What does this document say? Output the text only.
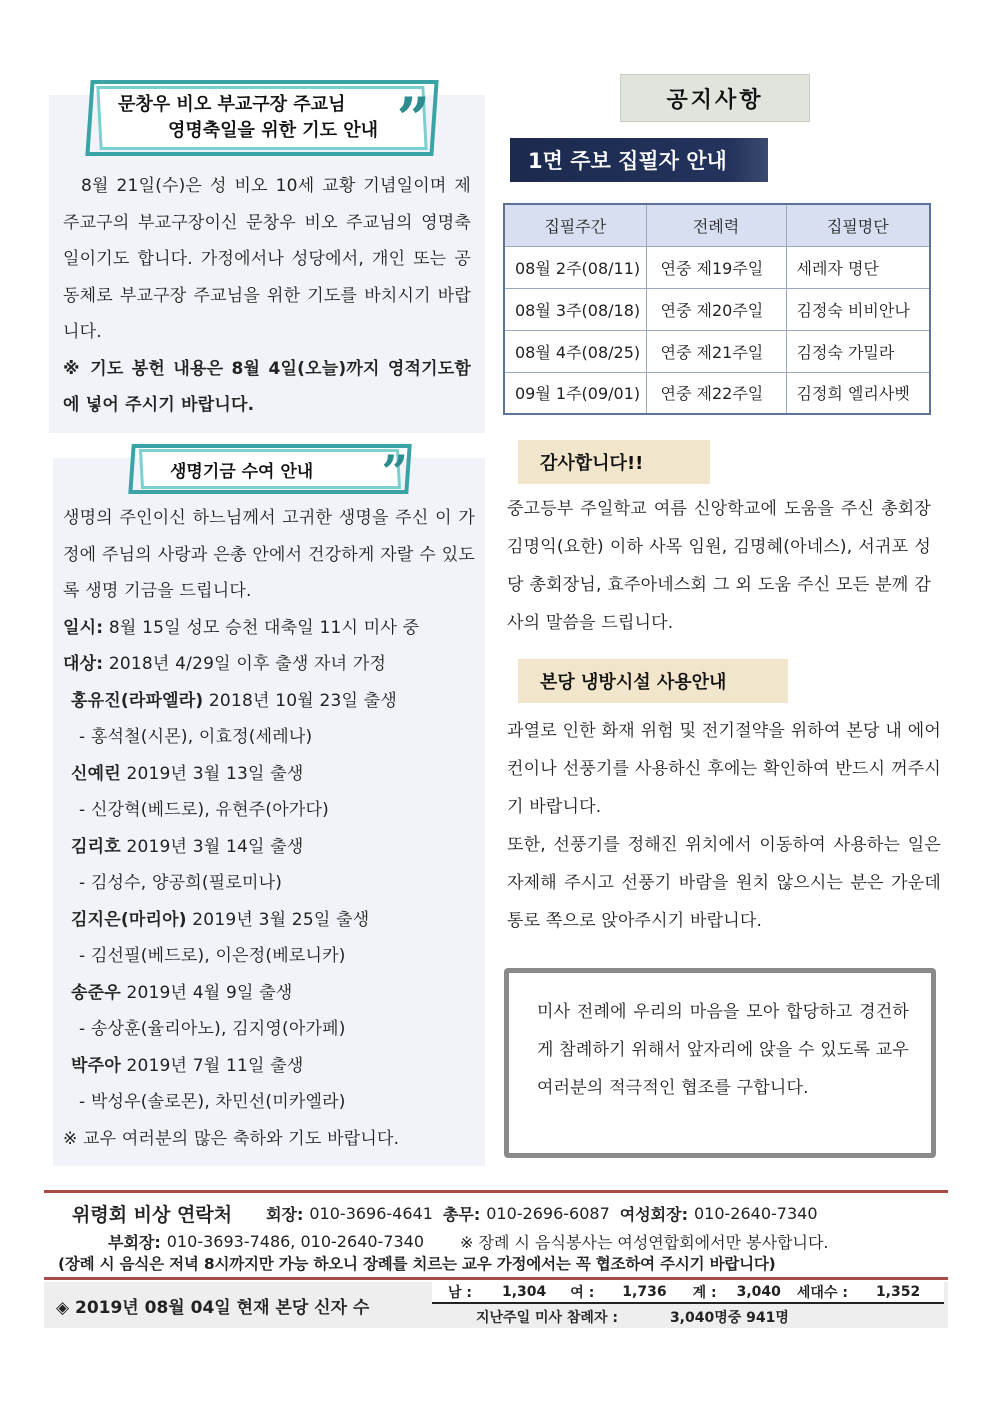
문창우 비오 부교구장 주교님
영명축일을 위한 기도 안내 ”

8월 21일(수)은 성 비오 10세 교황 기념일이며 제주교구의 부교구장이신 문창우 비오 주교님의 영명축일이기도 합니다. 가정에서나 성당에서, 개인 또는 공동체로 부교구장 주교님을 위한 기도를 바치시기 바랍니다.

※ 기도 봉헌 내용은 8월 4일(오늘)까지 영적기도함에 넣어 주시기 바랍니다.

생명기금 수여 안내	”

생명의 주인이신 하느님께서 고귀한 생명을 주신 이 가정에 주님의 사랑과 은총 안에서 건강하게 자랄 수 있도록 생명 기금을 드립니다.

일시: 8월 15일 성모 승천 대축일 11시 미사 중

대상: 2018년 4/29일 이후 출생 자녀 가정

홍유진(라파엘라) 2018년 10월 23일 출생

- 홍석철(시몬), 이효정(세레나)

신예린 2019년 3월 13일 출생

- 신강혁(베드로), 유현주(아가다)

김리호 2019년 3월 14일 출생

- 김성수, 양공희(필로미나)

김지은(마리아) 2019년 3월 25일 출생

- 김선필(베드로), 이은정(베로니카)

송준우 2019년 4월 9일 출생

- 송상훈(율리아노), 김지영(아가페)

박주아 2019년 7월 11일 출생

- 박성우(솔로몬), 차민선(미카엘라)

※ 교우 여러분의 많은 축하와 기도 바랍니다.

공지사항
1면 주보 집필자 안내
집필주간	전례력	집필명단
08월 2주(08/11)	연중 제19주일	세레자 명단
08월 3주(08/18)	연중 제20주일	김정숙 비비안나
08월 4주(08/25)	연중 제21주일	김정숙 가밀라
09월 1주(09/01)	연중 제22주일	김정희 엘리사벳
감사합니다!!
중고등부 주일학교 여름 신앙학교에 도움을 주신 총회장 김명익(요한) 이하 사목 임원, 김명혜(아네스), 서귀포 성당 총회장님, 효주아네스회 그 외 도움 주신 모든 분께 감사의 말씀을 드립니다.
본당 냉방시설 사용안내

과열로 인한 화재 위험 및 전기절약을 위하여 본당 내 에어컨이나 선풍기를 사용하신 후에는 확인하여 반드시 꺼주시기 바랍니다.

또한, 선풍기를 정해진 위치에서 이동하여 사용하는 일은 자제해 주시고 선풍기 바람을 원치 않으시는 분은 가운데 통로 쪽으로 앉아주시기 바랍니다.

미사 전례에 우리의 마음을 모아 합당하고 경건하게 참례하기 위해서 앞자리에 앉을 수 있도록 교우 여러분의 적극적인 협조를 구합니다.
위령회 비상 연락처 회장: 010-3696-4641 총무: 010-2696-6087 여성회장: 010-2640-7340
부회장: 010-3693-7486, 010-2640-7340 ※ 장례 시 음식봉사는 여성연합회에서만 봉사합니다.
(장례 시 음식은 저녁 8시까지만 가능 하오니 장례를 치르는 교우 가정에서는 꼭 협조하여 주시기 바랍니다)
◈ 2019년 08월 04일 현재 본당 신자 수
남 : 1,304 여 : 1,736 계 : 3,040 세대수 : 1,352
지난주일 미사 참례자 :	3,040명중 941명
